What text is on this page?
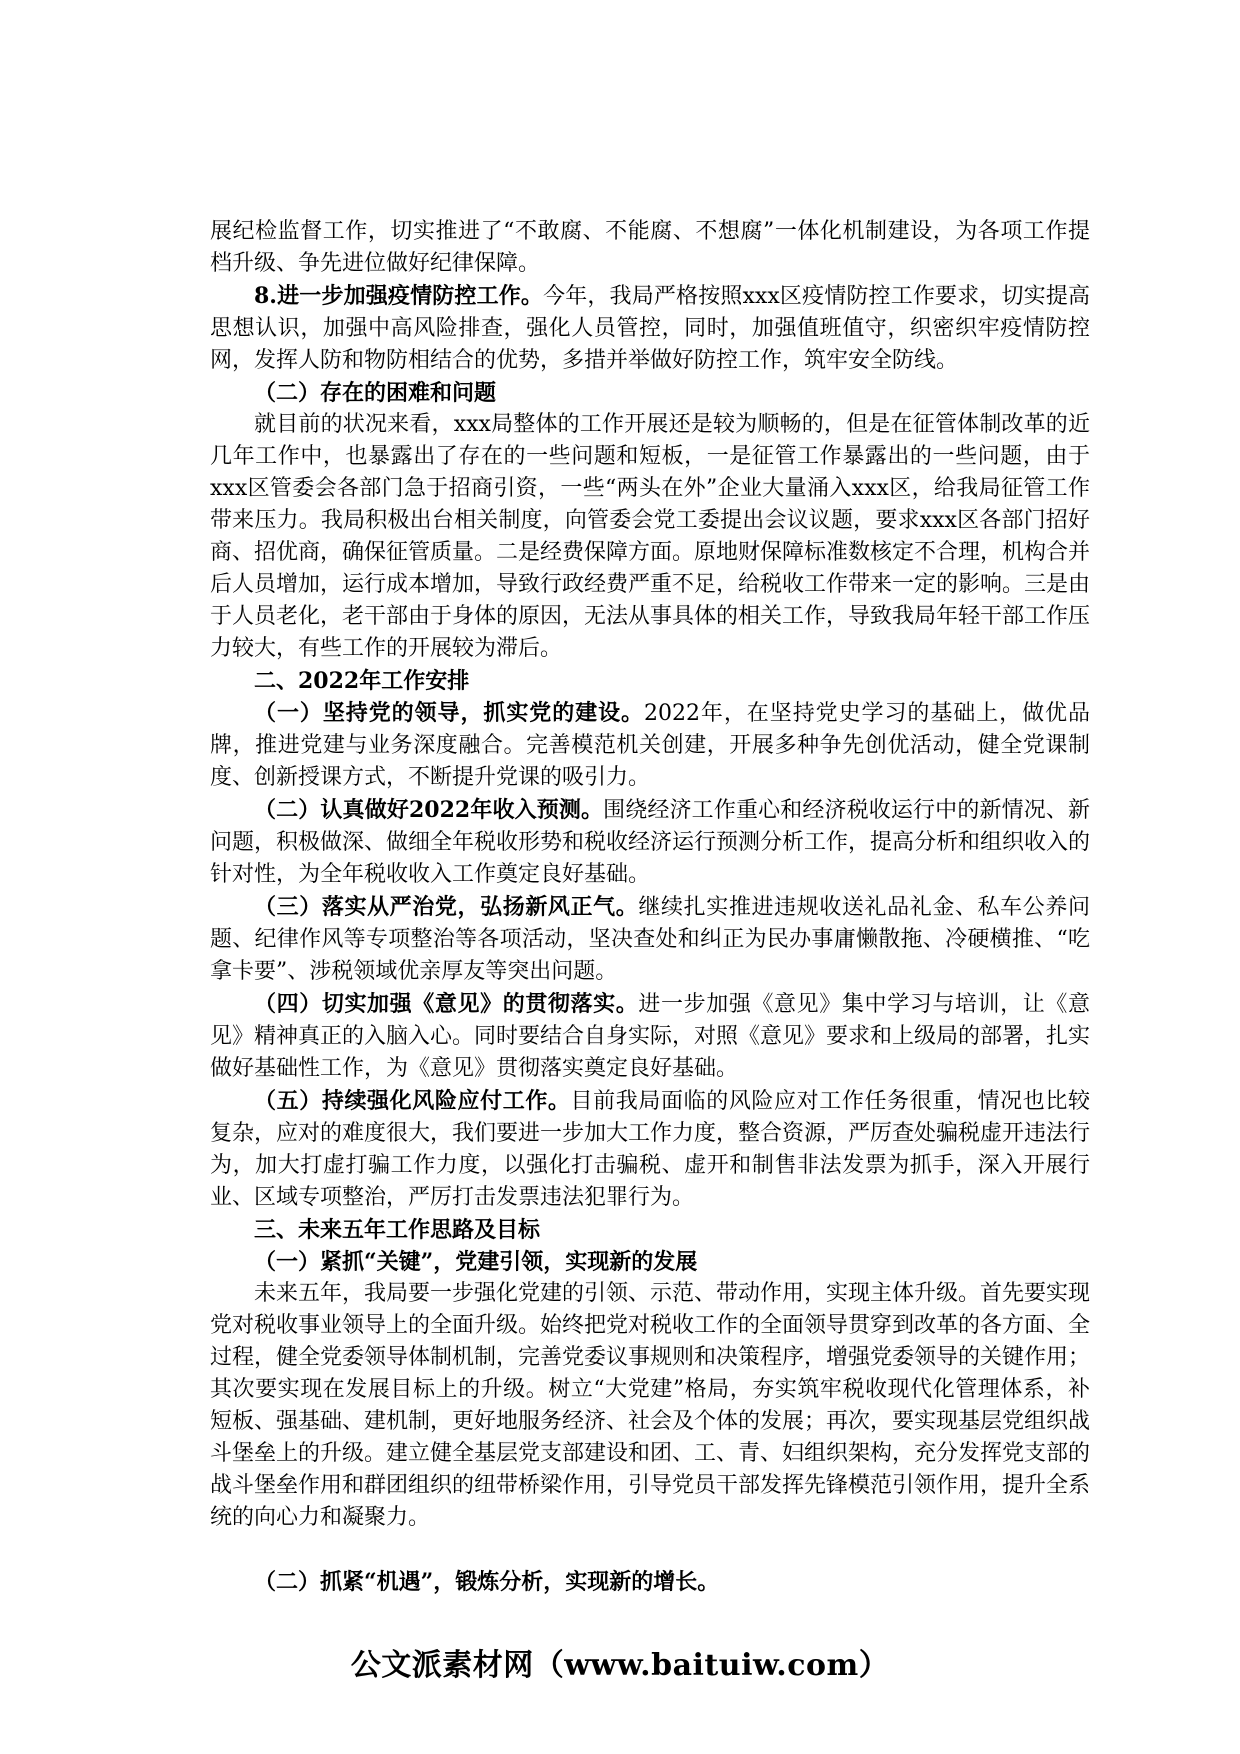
展纪检监督工作，切实推进了“不敢腐、不能腐、不想腐”一体化机制建设，为各项工作提档升级、争先进位做好纪律保障。

8.进一步加强疫情防控工作。今年，我局严格按照xxx区疫情防控工作要求，切实提高思想认识，加强中高风险排查，强化人员管控，同时，加强值班值守，织密织牢疫情防控网，发挥人防和物防相结合的优势，多措并举做好防控工作，筑牢安全防线。

（二）存在的困难和问题

就目前的状况来看，xxx局整体的工作开展还是较为顺畅的，但是在征管体制改革的近几年工作中，也暴露出了存在的一些问题和短板，一是征管工作暴露出的一些问题，由于xxx区管委会各部门急于招商引资，一些“两头在外”企业大量涌入xxx区，给我局征管工作带来压力。我局积极出台相关制度，向管委会党工委提出会议议题，要求xxx区各部门招好商、招优商，确保征管质量。二是经费保障方面。原地财保障标准数核定不合理，机构合并后人员增加，运行成本增加，导致行政经费严重不足，给税收工作带来一定的影响。三是由于人员老化，老干部由于身体的原因，无法从事具体的相关工作，导致我局年轻干部工作压力较大，有些工作的开展较为滞后。

二、2022年工作安排

（一）坚持党的领导，抓实党的建设。2022年，在坚持党史学习的基础上，做优品牌，推进党建与业务深度融合。完善模范机关创建，开展多种争先创优活动，健全党课制度、创新授课方式，不断提升党课的吸引力。

（二）认真做好2022年收入预测。围绕经济工作重心和经济税收运行中的新情况、新问题，积极做深、做细全年税收形势和税收经济运行预测分析工作，提高分析和组织收入的针对性，为全年税收收入工作奠定良好基础。

（三）落实从严治党，弘扬新风正气。继续扎实推进违规收送礼品礼金、私车公养问题、纪律作风等专项整治等各项活动，坚决查处和纠正为民办事庸懒散拖、冷硬横推、“吃拿卡要”、涉税领域优亲厚友等突出问题。

（四）切实加强《意见》的贯彻落实。进一步加强《意见》集中学习与培训，让《意见》精神真正的入脑入心。同时要结合自身实际，对照《意见》要求和上级局的部署，扎实做好基础性工作，为《意见》贯彻落实奠定良好基础。

（五）持续强化风险应付工作。目前我局面临的风险应对工作任务很重，情况也比较复杂，应对的难度很大，我们要进一步加大工作力度，整合资源，严厉查处骗税虚开违法行为，加大打虚打骗工作力度，以强化打击骗税、虚开和制售非法发票为抓手，深入开展行业、区域专项整治，严厉打击发票违法犯罪行为。

三、未来五年工作思路及目标

（一）紧抓“关键”，党建引领，实现新的发展

未来五年，我局要一步强化党建的引领、示范、带动作用，实现主体升级。首先要实现党对税收事业领导上的全面升级。始终把党对税收工作的全面领导贯穿到改革的各方面、全过程，健全党委领导体制机制，完善党委议事规则和决策程序，增强党委领导的关键作用；其次要实现在发展目标上的升级。树立“大党建”格局，夯实筑牢税收现代化管理体系，补短板、强基础、建机制，更好地服务经济、社会及个体的发展；再次，要实现基层党组织战斗堡垒上的升级。建立健全基层党支部建设和团、工、青、妇组织架构，充分发挥党支部的战斗堡垒作用和群团组织的纽带桥梁作用，引导党员干部发挥先锋模范引领作用，提升全系统的向心力和凝聚力。

（二）抓紧“机遇”，锻炼分析，实现新的增长。

公文派素材网（www.baituiw.com）
